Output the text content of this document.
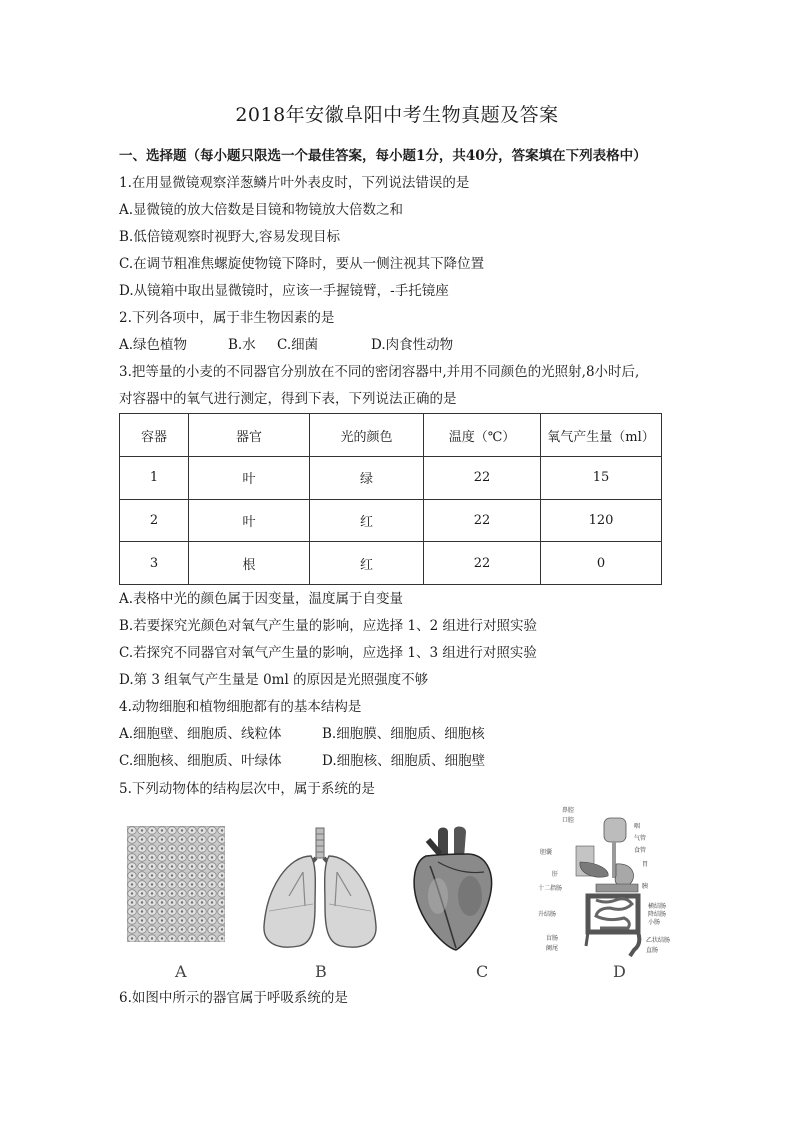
2018年安徽阜阳中考生物真题及答案
一、选择题（每小题只限选一个最佳答案，每小题1分，共40分，答案填在下列表格中）
1.在用显微镜观察洋葱鳞片叶外表皮时，下列说法错误的是
A.显微镜的放大倍数是目镜和物镜放大倍数之和
B.低倍镜观察时视野大,容易发现目标
C.在调节粗准焦螺旋使物镜下降时，要从一侧注视其下降位置
D.从镜箱中取出显微镜时，应该一手握镜臂，-手托镜座
2.下列各项中，属于非生物因素的是
A.绿色植物	B.水 C.细菌	D.肉食性动物
3.把等量的小麦的不同器官分别放在不同的密闭容器中,并用不同颜色的光照射,8小时后,
对容器中的氧气进行测定，得到下表，下列说法正确的是
容器	器官	光的颜色	温度（℃）	氧气产生量（ml）
1	叶	绿	22	15
2	叶	红	22	120
3	根	红	22	0
A.表格中光的颜色属于因变量，温度属于自变量
B.若要探究光颜色对氧气产生量的影响，应选择 1、2 组进行对照实验
C.若探究不同器官对氧气产生量的影响，应选择 1、3 组进行对照实验
D.第 3 组氧气产生量是 0ml 的原因是光照强度不够
4.动物细胞和植物细胞都有的基本结构是
A.细胞壁、细胞质、线粒体	B.细胞膜、细胞质、细胞核
C.细胞核、细胞质、叶绿体	D.细胞核、细胞质、细胞壁
5.下列动物体的结构层次中，属于系统的是
鼻腔
口腔
咽
气管
食管
胆囊
肝
胃
十二指肠	胰
横结肠
升结肠	降结肠
小肠
盲肠
阑尾
乙状结肠
直肠
A	B	C	D
6.如图中所示的器官属于呼吸系统的是
